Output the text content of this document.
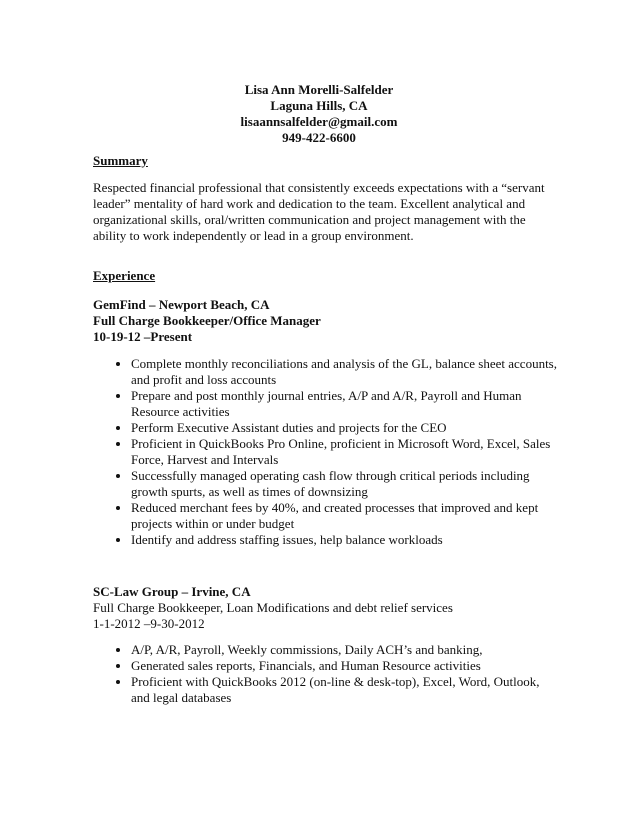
Lisa Ann Morelli-Salfelder
Laguna Hills, CA
lisaannsalfelder@gmail.com
949-422-6600
Summary
Respected financial professional that consistently exceeds expectations with a “servant
leader” mentality of hard work and dedication to the team. Excellent analytical and
organizational skills, oral/written communication and project management with the
ability to work independently or lead in a group environment.
Experience
GemFind – Newport Beach, CA
Full Charge Bookkeeper/Office Manager
10-19-12 –Present
Complete monthly reconciliations and analysis of the GL, balance sheet accounts,
and profit and loss accounts
Prepare and post monthly journal entries, A/P and A/R, Payroll and Human
Resource activities
Perform Executive Assistant duties and projects for the CEO
Proficient in QuickBooks Pro Online, proficient in Microsoft Word, Excel, Sales
Force, Harvest and Intervals
Successfully managed operating cash flow through critical periods including
growth spurts, as well as times of downsizing
Reduced merchant fees by 40%, and created processes that improved and kept
projects within or under budget
Identify and address staffing issues, help balance workloads
SC-Law Group – Irvine, CA
Full Charge Bookkeeper, Loan Modifications and debt relief services
1-1-2012 –9-30-2012
A/P, A/R, Payroll, Weekly commissions, Daily ACH’s and banking,
Generated sales reports, Financials, and Human Resource activities
Proficient with QuickBooks 2012 (on-line & desk-top), Excel, Word, Outlook,
and legal databases
